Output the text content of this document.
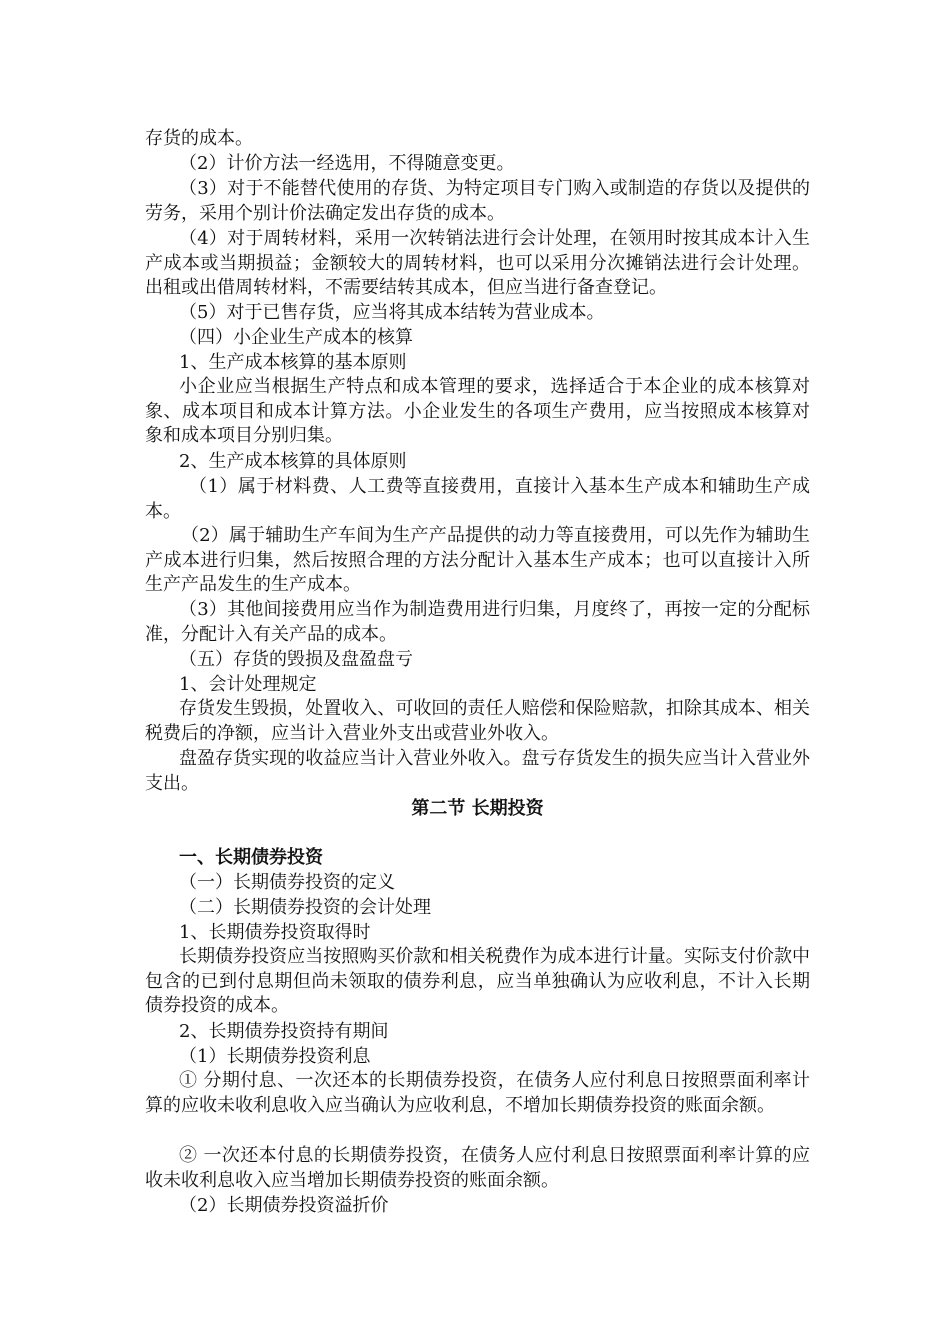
存货的成本。

（2）计价方法一经选用，不得随意变更。

（3）对于不能替代使用的存货、为特定项目专门购入或制造的存货以及提供的劳务，采用个别计价法确定发出存货的成本。

（4）对于周转材料，采用一次转销法进行会计处理，在领用时按其成本计入生产成本或当期损益；金额较大的周转材料，也可以采用分次摊销法进行会计处理。出租或出借周转材料，不需要结转其成本，但应当进行备查登记。

（5）对于已售存货，应当将其成本结转为营业成本。

（四）小企业生产成本的核算

1、生产成本核算的基本原则

小企业应当根据生产特点和成本管理的要求，选择适合于本企业的成本核算对象、成本项目和成本计算方法。小企业发生的各项生产费用，应当按照成本核算对象和成本项目分别归集。

2、生产成本核算的具体原则

（1）属于材料费、人工费等直接费用，直接计入基本生产成本和辅助生产成本。

（2）属于辅助生产车间为生产产品提供的动力等直接费用，可以先作为辅助生产成本进行归集，然后按照合理的方法分配计入基本生产成本；也可以直接计入所生产产品发生的生产成本。

（3）其他间接费用应当作为制造费用进行归集，月度终了，再按一定的分配标准，分配计入有关产品的成本。

（五）存货的毁损及盘盈盘亏

1、会计处理规定

存货发生毁损，处置收入、可收回的责任人赔偿和保险赔款，扣除其成本、相关税费后的净额，应当计入营业外支出或营业外收入。

盘盈存货实现的收益应当计入营业外收入。盘亏存货发生的损失应当计入营业外支出。

第二节 长期投资

一、长期债券投资

（一）长期债券投资的定义

（二）长期债券投资的会计处理

1、长期债券投资取得时

长期债券投资应当按照购买价款和相关税费作为成本进行计量。实际支付价款中包含的已到付息期但尚未领取的债券利息，应当单独确认为应收利息，不计入长期债券投资的成本。

2、长期债券投资持有期间

（1）长期债券投资利息

① 分期付息、一次还本的长期债券投资，在债务人应付利息日按照票面利率计算的应收未收利息收入应当确认为应收利息，不增加长期债券投资的账面余额。

② 一次还本付息的长期债券投资，在债务人应付利息日按照票面利率计算的应收未收利息收入应当增加长期债券投资的账面余额。

（2）长期债券投资溢折价
